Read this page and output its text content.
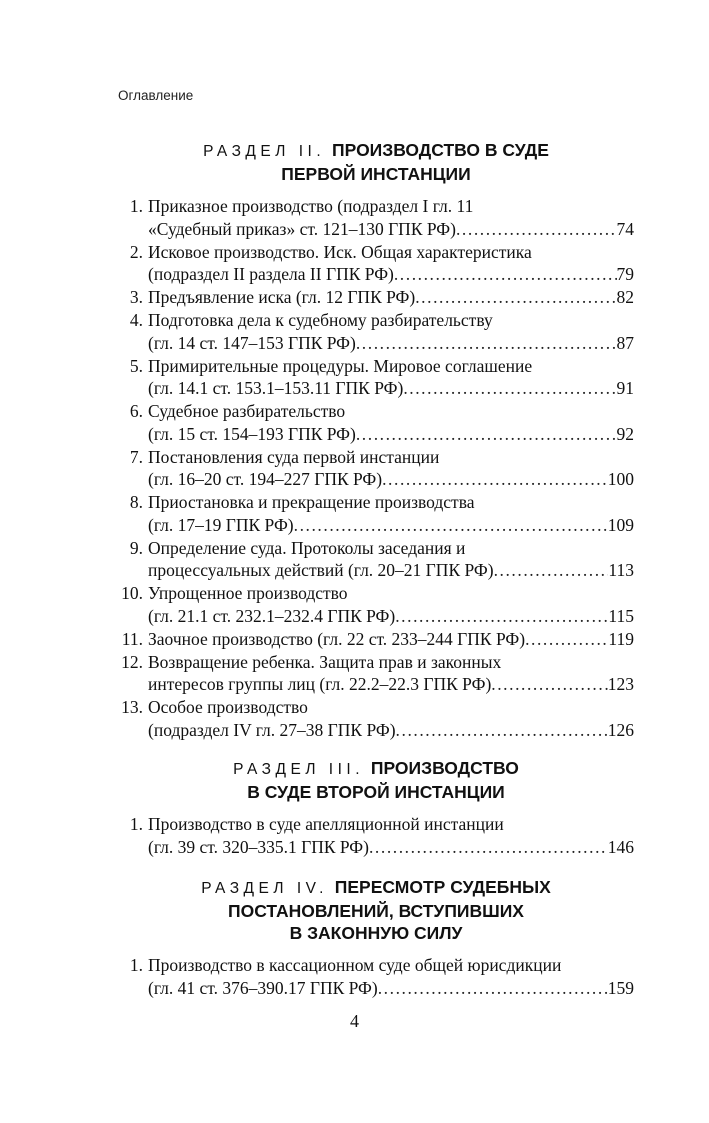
Оглавление
РАЗДЕЛ II. ПРОИЗВОДСТВО В СУДЕ
ПЕРВОЙ ИНСТАНЦИИ
1. Приказное производство (подраздел I гл. 11
«Судебный приказ» ст. 121–130 ГПК РФ) . . .	74
2. Исковое производство. Иск. Общая характеристика
(подраздел II раздела II ГПК РФ) . . .	79
3. Предъявление иска (гл. 12 ГПК РФ) . . .	82
4. Подготовка дела к судебному разбирательству
(гл. 14 ст. 147–153 ГПК РФ) . . .	87
5. Примирительные процедуры. Мировое соглашение
(гл. 14.1 ст. 153.1–153.11 ГПК РФ) . . .	91
6. Судебное разбирательство
(гл. 15 ст. 154–193 ГПК РФ) . . .	92
7. Постановления суда первой инстанции
(гл. 16–20 ст. 194–227 ГПК РФ) . . .	100
8. Приостановка и прекращение производства
(гл. 17–19 ГПК РФ) . . .	109
9. Определение суда. Протоколы заседания и
процессуальных действий (гл. 20–21 ГПК РФ) . . .	113
10. Упрощенное производство
(гл. 21.1 ст. 232.1–232.4 ГПК РФ) . . .	115
11. Заочное производство (гл. 22 ст. 233–244 ГПК РФ) . . .	119
12. Возвращение ребенка. Защита прав и законных
интересов группы лиц (гл. 22.2–22.3 ГПК РФ) . . .	123
13. Особое производство
(подраздел IV гл. 27–38 ГПК РФ) . . .	126
РАЗДЕЛ III. ПРОИЗВОДСТВО
В СУДЕ ВТОРОЙ ИНСТАНЦИИ
1. Производство в суде апелляционной инстанции
(гл. 39 ст. 320–335.1 ГПК РФ) . . .	146
РАЗДЕЛ IV. ПЕРЕСМОТР СУДЕБНЫХ
ПОСТАНОВЛЕНИЙ, ВСТУПИВШИХ
В ЗАКОННУЮ СИЛУ
1. Производство в кассационном суде общей юрисдикции
(гл. 41 ст. 376–390.17 ГПК РФ) . . .	159
4
